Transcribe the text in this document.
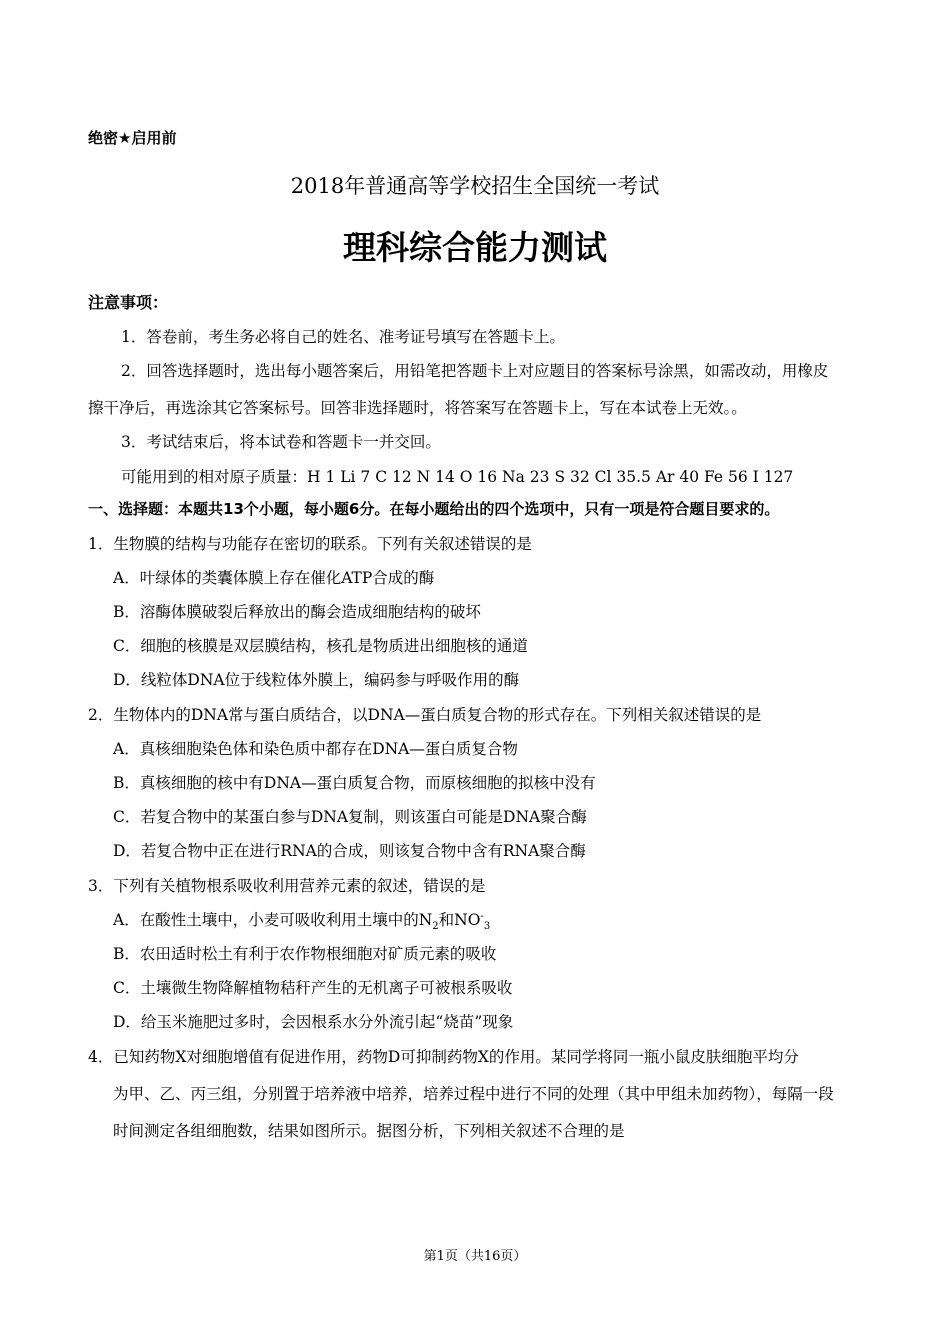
绝密★启用前
2018年普通高等学校招生全国统一考试
理科综合能力测试
注意事项：
1．答卷前，考生务必将自己的姓名、准考证号填写在答题卡上。
2．回答选择题时，选出每小题答案后，用铅笔把答题卡上对应题目的答案标号涂黑，如需改动，用橡皮
擦干净后，再选涂其它答案标号。回答非选择题时，将答案写在答题卡上，写在本试卷上无效。。
3．考试结束后，将本试卷和答题卡一并交回。
可能用到的相对原子质量：H 1 Li 7 C 12 N 14 O 16 Na 23 S 32 Cl 35.5 Ar 40 Fe 56 I 127
一、选择题：本题共13个小题，每小题6分。在每小题给出的四个选项中，只有一项是符合题目要求的。
1．生物膜的结构与功能存在密切的联系。下列有关叙述错误的是
A．叶绿体的类囊体膜上存在催化ATP合成的酶
B．溶酶体膜破裂后释放出的酶会造成细胞结构的破坏
C．细胞的核膜是双层膜结构，核孔是物质进出细胞核的通道
D．线粒体DNA位于线粒体外膜上，编码参与呼吸作用的酶
2．生物体内的DNA常与蛋白质结合，以DNA—蛋白质复合物的形式存在。下列相关叙述错误的是
A．真核细胞染色体和染色质中都存在DNA—蛋白质复合物
B．真核细胞的核中有DNA—蛋白质复合物，而原核细胞的拟核中没有
C．若复合物中的某蛋白参与DNA复制，则该蛋白可能是DNA聚合酶
D．若复合物中正在进行RNA的合成，则该复合物中含有RNA聚合酶
3．下列有关植物根系吸收利用营养元素的叙述，错误的是
A．在酸性土壤中，小麦可吸收利用土壤中的$N_2$和$NO^-_3$
B．农田适时松土有利于农作物根细胞对矿质元素的吸收
C．土壤微生物降解植物秸秆产生的无机离子可被根系吸收
D．给玉米施肥过多时，会因根系水分外流引起“烧苗”现象
4．已知药物X对细胞增值有促进作用，药物D可抑制药物X的作用。某同学将同一瓶小鼠皮肤细胞平均分
为甲、乙、丙三组，分别置于培养液中培养，培养过程中进行不同的处理（其中甲组未加药物），每隔一段
时间测定各组细胞数，结果如图所示。据图分析，下列相关叙述不合理的是
第1页（共16页）
